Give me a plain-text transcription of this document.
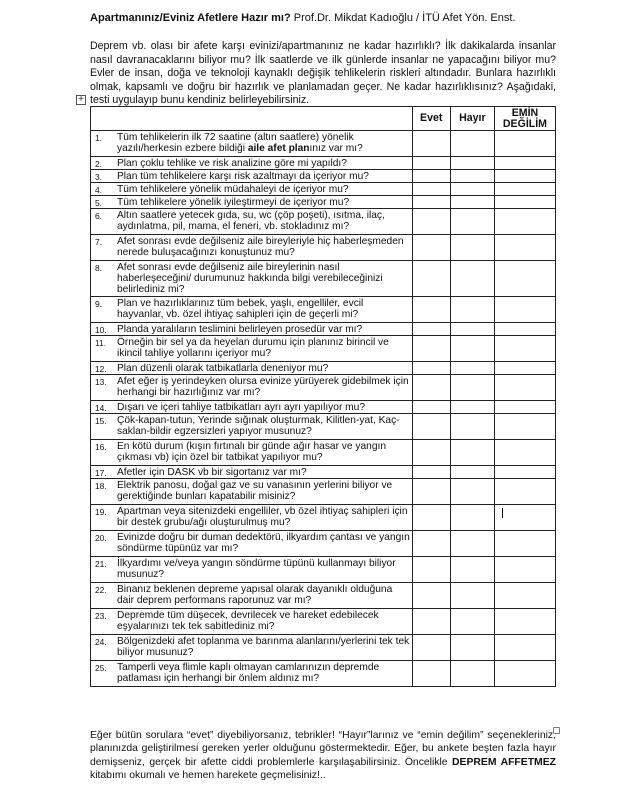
Apartmanınız/Eviniz Afetlere Hazır mı? Prof.Dr. Mikdat Kadıoğlu / İTÜ Afet Yön. Enst.

Deprem vb. olası bir afete karşı evinizi/apartmanınız ne kadar hazırlıklı? İlk dakikalarda insanlar nasıl davranacaklarını biliyor mu? İlk saatlerde ve ilk günlerde insanlar ne yapacağını biliyor mu? Evler de insan, doğa ve teknoloji kaynaklı değişik tehlikelerin riskleri altındadır. Bunlara hazırlıklı olmak, kapsamlı ve doğru bir hazırlık ve planlamadan geçer. Ne kadar hazırlıklısınız? Aşağıdaki, testi uygulayıp bunu kendiniz belirleyebilirsiniz.

+
	Evet	Hayır	EMİN
DEĞİLİM

1. Tüm tehlikelerin ilk 72 saatine (altın saatlere) yönelik yazılı/herkesin ezbere bildiği aile afet planınız var mı?			

2. Plan çoklu tehlike ve risk analizine göre mi yapıldı?			

3. Plan tüm tehlikelere karşı risk azaltmayı da içeriyor mu?			

4. Tüm tehlikelere yönelik müdahaleyi de içeriyor mu?			

5. Tüm tehlikelere yönelik iyileştirmeyi de içeriyor mu?			

6. Altın saatlere yetecek gıda, su, wc (çöp poşeti), ısıtma, ilaç, aydınlatma, pil, mama, el feneri, vb. stokladınız mı?			

7. Afet sonrası evde değilseniz aile bireyleriyle hiç haberleşmeden nerede buluşacağınızı konuştunuz mu?			

8. Afet sonrası evde değilseniz aile bireylerinin nasıl haberleşeceğini/ durumunuz hakkında bilgi verebileceğinizi belirlediniz mi?			

9. Plan ve hazırlıklarınız tüm bebek, yaşlı, engelliler, evcil hayvanlar, vb. özel ihtiyaç sahipleri için de geçerli mi?			

10. Planda yaralıların teslimini belirleyen prosedür var mı?			

11. Örneğin bir sel ya da heyelan durumu için planınız birincil ve ikincil tahliye yollarını içeriyor mu?			

12. Plan düzenli olarak tatbikatlarla deneniyor mu?			

13. Afet eğer iş yerindeyken olursa evinize yürüyerek gidebilmek için herhangi bir hazırlığınız var mı?			

14. Dışarı ve içeri tahliye tatbikatları ayrı ayrı yapılıyor mu?			

15. Çök-kapan-tutun, Yerinde sığınak oluşturmak, Kilitlen-yat, Kaç-saklan-bildir egzersizleri yapıyor musunuz?			

16. En kötü durum (kışın fırtınalı bir günde ağır hasar ve yangın çıkması vb) için özel bir tatbikat yapılıyor mu?			

17. Afetler için DASK vb bir sigortanız var mı?			

18. Elektrik panosu, doğal gaz ve su vanasının yerlerini biliyor ve gerektiğinde bunları kapatabilir misiniz?			

19. Apartman veya sitenizdeki engelliler, vb özel ihtiyaç sahipleri için bir destek grubu/ağı oluşturulmuş mu?			

20. Evinizde doğru bir duman dedektörü, ilkyardım çantası ve yangın söndürme tüpünüz var mı?			

21. İlkyardımı ve/veya yangın söndürme tüpünü kullanmayı biliyor musunuz?			

22. Binanız beklenen depreme yapısal olarak dayanıklı olduğuna dair deprem performans raporunuz var mı?			

23. Depremde tüm düşecek, devrilecek ve hareket edebilecek eşyalarınızı tek tek sabitlediniz mi?			

24. Bölgenizdeki afet toplanma ve barınma alanlarını/yerlerini tek tek biliyor musunuz?			

25. Tamperli veya flimle kaplı olmayan camlarınızın depremde patlaması için herhangi bir önlem aldınız mı?			

Eğer bütün sorulara “evet” diyebiliyorsanız, tebrikler! “Hayır”larınız ve “emin değilim” seçenekleriniz, planınızda geliştirilmesi gereken yerler olduğunu göstermektedir. Eğer, bu ankete beşten fazla hayır demişseniz, gerçek bir afette ciddi problemlerle karşılaşabilirsiniz. Öncelikle DEPREM AFFETMEZ kitabımı okumalı ve hemen harekete geçmelisiniz!..
